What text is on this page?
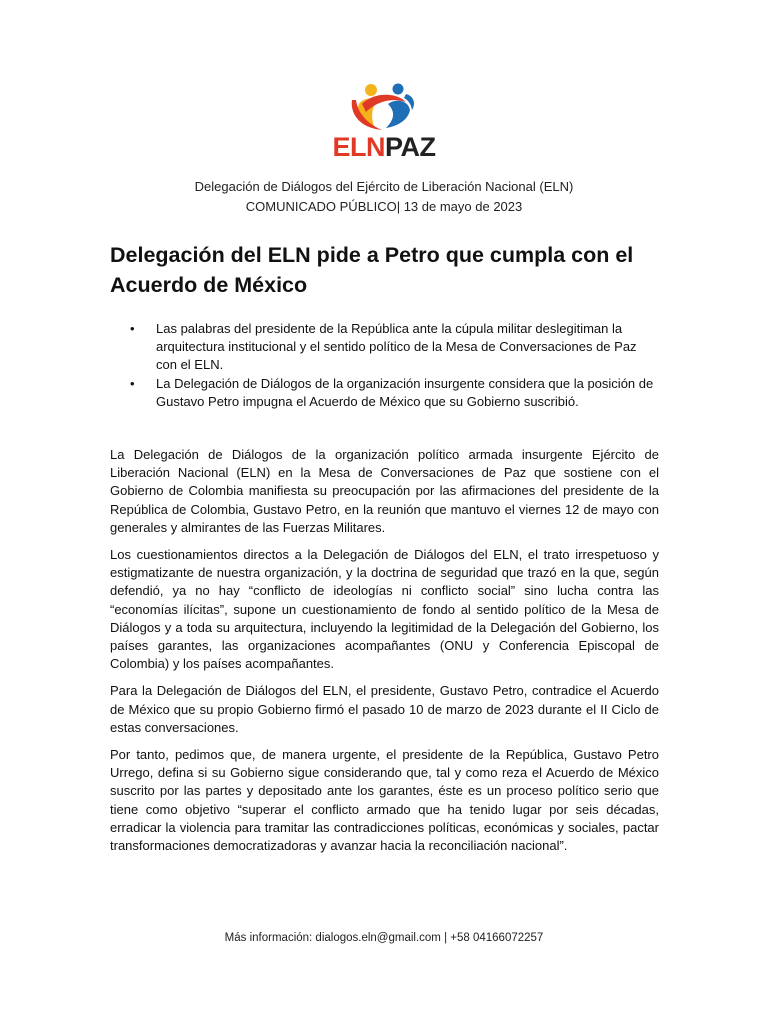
ELNPAZ
Delegación de Diálogos del Ejército de Liberación Nacional (ELN)
COMUNICADO PÚBLICO| 13 de mayo de 2023
Delegación del ELN pide a Petro que cumpla con el Acuerdo de México
• Las palabras del presidente de la República ante la cúpula militar deslegitiman la arquitectura institucional y el sentido político de la Mesa de Conversaciones de Paz con el ELN.
• La Delegación de Diálogos de la organización insurgente considera que la posición de Gustavo Petro impugna el Acuerdo de México que su Gobierno suscribió.

La Delegación de Diálogos de la organización político armada insurgente Ejército de Liberación Nacional (ELN) en la Mesa de Conversaciones de Paz que sostiene con el Gobierno de Colombia manifiesta su preocupación por las afirmaciones del presidente de la República de Colombia, Gustavo Petro, en la reunión que mantuvo el viernes 12 de mayo con generales y almirantes de las Fuerzas Militares.

Los cuestionamientos directos a la Delegación de Diálogos del ELN, el trato irrespetuoso y estigmatizante de nuestra organización, y la doctrina de seguridad que trazó en la que, según defendió, ya no hay “conflicto de ideologías ni conflicto social” sino lucha contra las “economías ilícitas”, supone un cuestionamiento de fondo al sentido político de la Mesa de Diálogos y a toda su arquitectura, incluyendo la legitimidad de la Delegación del Gobierno, los países garantes, las organizaciones acompañantes (ONU y Conferencia Episcopal de Colombia) y los países acompañantes.

Para la Delegación de Diálogos del ELN, el presidente, Gustavo Petro, contradice el Acuerdo de México que su propio Gobierno firmó el pasado 10 de marzo de 2023 durante el II Ciclo de estas conversaciones.

Por tanto, pedimos que, de manera urgente, el presidente de la República, Gustavo Petro Urrego, defina si su Gobierno sigue considerando que, tal y como reza el Acuerdo de México suscrito por las partes y depositado ante los garantes, éste es un proceso político serio que tiene como objetivo “superar el conflicto armado que ha tenido lugar por seis décadas, erradicar la violencia para tramitar las contradicciones políticas, económicas y sociales, pactar transformaciones democratizadoras y avanzar hacia la reconciliación nacional”.

Más información: dialogos.eln@gmail.com | +58 04166072257
